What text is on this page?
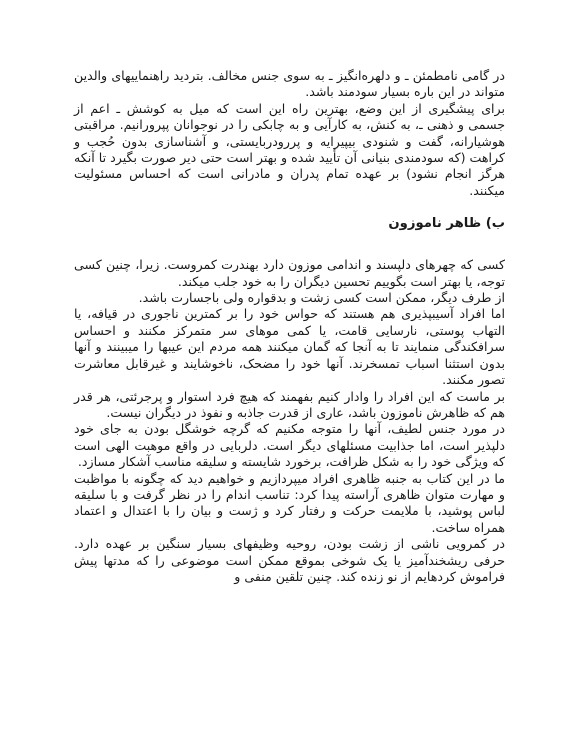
در گامی نامطمئن ـ و دلهره‌انگیز ـ به سوی جنس مخالف. بتردید راهنماییهای والدین متواند در این باره بسیار سودمند باشد.

برای پیشگیری از این وضع، بهترین راه این است که میل به کوشش ـ اعم از جسمی و ذهنی ـ، به کنش، به کارآیی و به چابکی را در نوجوانان پپرورانیم. مراقبتی هوشیارانه، گفت و شنودی بیپیرایه و پررودربایستی، و آشناسازی بدون حُجب و کراهت (که سودمندی بنیانی آن تأیید شده و بهتر است حتی دیر صورت بگیرد تا آنکه هرگز انجام نشود) بر عهده تمام پدران و مادرانی است که احساس مسئولیت میکنند.

ب) ظاهر ناموزون

کسی که چهرهای دلپسند و اندامی موزون دارد بهندرت کمروست. زیرا، چنین کسی توجه، یا بهتر است بگوییم تحسین دیگران را به خود جلب میکند.

از طرف دیگر، ممکن است کسی زشت و بدقواره ولی باجسارت باشد.

اما افراد آسیبپذیری هم هستند که حواس خود را بر کمترین ناجوری در قیافه، یا التهاب پوستی، نارسایی قامت، یا کمی موهای سر متمرکز مکنند و احساس سرافکندگی منمایند تا به آنجا که گمان میکنند همه مردم این عیبها را میبینند و آنها بدون استثنا اسباب تمسخرند. آنها خود را مضحک، ناخوشایند و غیرقابل معاشرت تصور مکنند.

بر ماست که این افراد را وادار کنیم بفهمند که هیچ فرد استوار و پرجرئتی، هر قدر هم که ظاهرش ناموزون باشد، عاری از قدرت جاذبه و نفوذ در دیگران نیست.

در مورد جنس لطیف، آنها را متوجه مکنیم که گرچه خوشگل بودن به جای خود دلپذیر است، اما جذابیت مسئلهای دیگر است. دلربایی در واقع موهبت الهی است که ویژگی خود را به شکل ظرافت، برخورد شایسته و سلیقه مناسب آشکار مسازد.

ما در این کتاب به جنبه ظاهری افراد میپردازیم و خواهیم دید که چگونه با مواظبت و مهارت متوان ظاهری آراسته پیدا کرد: تناسب اندام را در نظر گرفت و با سلیقه لباس پوشید، با ملایمت حرکت و رفتار کرد و ژست و بیان را با اعتدال و اعتماد همراه ساخت.

در کمرویی ناشی از زشت بودن، روحیه وظیفهای بسیار سنگین بر عهده دارد. حرفی ریشخندآمیز یا یک شوخی بموقع ممکن است موضوعی را که مدتها پیش فراموش کردهایم از نو زنده کند. چنین تلقین منفی و
